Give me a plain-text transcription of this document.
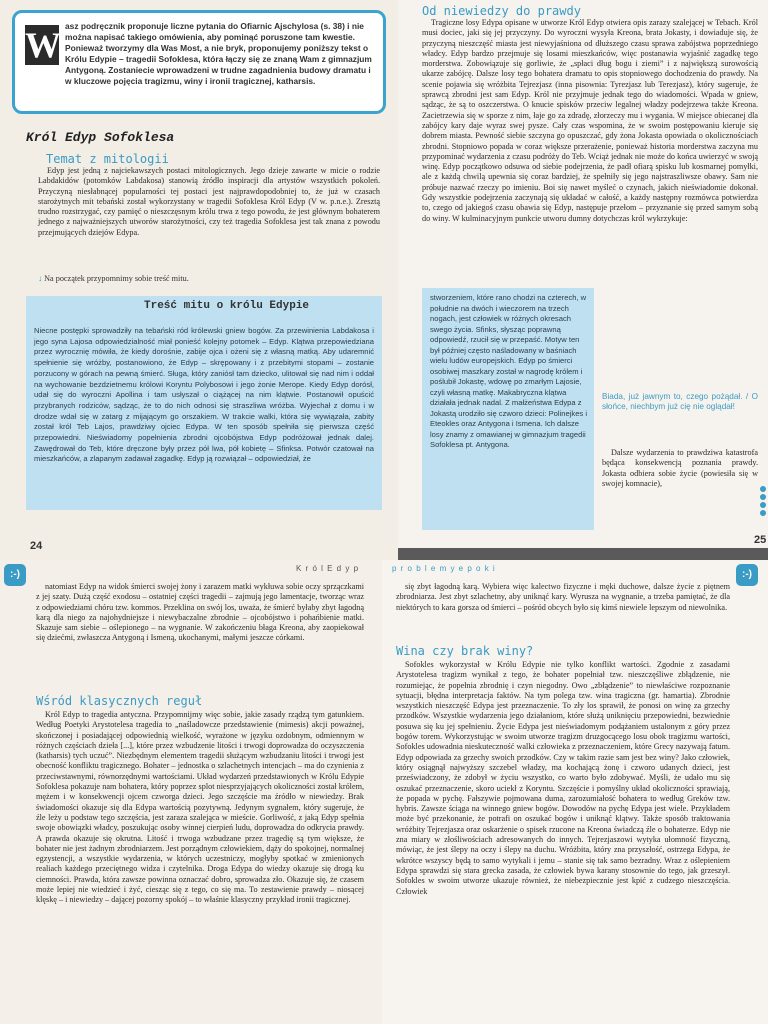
W asz podręcznik proponuje liczne pytania do Ofiarnic Ajschylosa (s. 38) i nie można napisać takiego omówienia, aby pominąć poruszone tam kwestie. Ponieważ tworzymy dla Was Most, a nie bryk, proponujemy poniższy tekst o Królu Edypie – tragedii Sofoklesa, która łączy się ze znaną Wam z gimnazjum Antygoną. Zostaniecie wprowadzeni w trudne zagadnienia budowy dramatu i w kluczowe pojęcia tragizmu, winy i ironii tragicznej, katharsis.
Król Edyp Sofoklesa
Temat z mitologii

Edyp jest jedną z najciekawszych postaci mitologicznych. Jego dzieje zawarte w micie o rodzie Labdakidów (potomków Labdakosa) stanowią źródło inspiracji dla artystów wszystkich pokoleń. Przyczyną niesłabnącej popularności tej postaci jest najprawdopodobniej to, że już w czasach starożytnych mit tebański został wykorzystany w tragedii Sofoklesa Król Edyp (V w. p.n.e.). Zresztą trudno rozstrzygać, czy pamięć o nieszczęsnym królu trwa z tego powodu, że jest głównym bohaterem jednego z najważniejszych utworów starożytności, czy też tragedia Sofoklesa jest tak znana z powodu przejmujących dziejów Edypa.

↓ Na początek przypomnimy sobie treść mitu.
Treść mitu o królu Edypie
Niecne postępki sprowadziły na tebański ród królewski gniew bogów. Za przewinienia Labdakosa i jego syna Lajosa odpowiedzialność miał ponieść kolejny potomek – Edyp. Klątwa przepowiedziana przez wyrocznię mówiła, że kiedy dorośnie, zabije ojca i ożeni się z własną matką. Aby udaremnić spełnienie się wróżby, postanowiono, że Edyp – skrępowany i z przebitymi stopami – zostanie porzucony w górach na pewną śmierć. Sługa, który zaniósł tam dziecko, ulitował się nad nim i oddał na wychowanie bezdzietnemu królowi Koryntu Polybosowi i jego żonie Merope. Kiedy Edyp dorósł, udał się do wyroczni Apollina i tam usłyszał o ciążącej na nim klątwie. Postanowił opuścić przybranych rodziców, sądząc, że to do nich odnosi się straszliwa wróżba. Wyjechał z domu i w drodze wdał się w zatarg z mijającym go orszakiem. W trakcie walki, która się wywiązała, zabity został król Teb Lajos, prawdziwy ojciec Edypa. W ten sposób spełniła się pierwsza część przepowiedni. Nieświadomy popełnienia zbrodni ojcobójstwa Edyp podróżował jednak dalej. Zawędrował do Teb, które dręczone były przez pół lwa, pół kobietę – Sfinksa. Potwór czatował na mieszkańców, a zlapanym zadawał zagadkę. Edyp ją rozwiązał – odpowiedział, że
24
Od niewiedzy do prawdy

Tragiczne losy Edypa opisane w utworze Król Edyp otwiera opis zarazy szalejącej w Tebach. Król musi dociec, jaki się jej przyczyny. Do wyroczni wysyła Kreona, brata Jokasty, i dowiaduje się, że przyczyną nieszczęść miasta jest niewyjaśniona od dłuższego czasu sprawa zabójstwa poprzedniego władcy. Edyp bardzo przejmuje się losami mieszkańców, więc postanawia wyjaśnić zagadkę tego morderstwa. Zobowiązuje się gorliwie, że „spłaci dług bogu i ziemi” i z największą surowością ukarze zabójcę. Dalsze losy tego bohatera dramatu to opis stopniowego dochodzenia do prawdy. Na scenie pojawia się wróżbita Tejrezjasz (inna pisownia: Tyrezjasz lub Terezjasz), który sugeruje, że sprawcą zbrodni jest sam Edyp. Król nie przyjmuje jednak tego do wiadomości. Wpada w gniew, sądząc, że są to oszczerstwa. O knucie spisków przeciw legalnej władzy podejrzewa także Kreona. Zacietrzewia się w sporze z nim, łaje go za zdradę, złorzeczy mu i wygania. W miejsce obiecanej dla zabójcy kary daje wyraz swej pysze. Cały czas wspomina, że w swoim postępowaniu kieruje się dobrem miasta. Pewność siebie szczyna go opuszczać, gdy żona Jokasta opowiada o okolicznościach zbrodni. Stopniowo popada w coraz większe przerażenie, ponieważ historia morderstwa zaczyna mu przypominać wydarzenia z czasu podróży do Teb. Wciąż jednak nie może do końca uwierzyć w swoją winę. Edyp początkowo odsuwa od siebie podejrzenia, że padł ofiarą spisku lub kosmarnej pomyłki, ale z każdą chwilą upewnia się coraz bardziej, że spełniły się jego najstraszliwsze obawy. Sam nie próbuje nazwać rzeczy po imieniu. Boi się nawet myśleć o czynach, jakich nieświadomie dokonał. Gdy wszystkie podejrzenia zaczynają się układać w całość, a każdy następny rozmówca potwierdza to, czego od jakiegoś czasu obawia się Edyp, następuje przełom – przyznanie się przed samym sobą do winy. W kulminacyjnym punkcie utworu dumny dotychczas król wykrzykuje:

stworzeniem, które rano chodzi na czterech, w południe na dwóch i wieczorem na trzech nogach, jest człowiek w różnych okresach swego życia. Sfinks, słysząc poprawną odpowiedź, rzucił się w przepaść. Motyw ten był później często naśladowany w baśniach wielu ludów europejskich. Edyp po śmierci osobiwej maszkary został w nagrodę królem i poślubił Jokastę, wdowę po zmarłym Lajosie, czyli własną matkę. Makabryczna klątwa działała jednak nadal. Z małżeństwa Edypa z Jokastą urodziło się czworo dzieci: Polinejkes i Eteokles oraz Antygona i Ismena. Ich dalsze losy znamy z omawianej w gimnazjum tragedii Sofoklesa pt. Antygona.
Biada, już jawnym to, czego pożądał. / O słońce, niechbym już cię nie oglądał!

Dalsze wydarzenia to prawdziwa katastrofa będąca konsekwencją poznania prawdy. Jokasta odbiera sobie życie (powiesiła się w swojej komnacie),

25
:-)
K r ó l E d y p

natomiast Edyp na widok śmierci swojej żony i zarazem matki wykłuwa sobie oczy sprzączkami z jej szaty. Dużą część exodosu – ostatniej części tragedii – zajmują jego lamentacje, tworząc wraz z odpowiedziami chóru tzw. kommos. Przeklina on swój los, uważa, że śmierć byłaby zbyt łagodną karą dla niego za najohydniejsze i niewybaczalne zbrodnie – ojcobójstwo i pohańbienie matki. Skazuje sam siebie – oślepionego – na wygnanie. W zakończeniu błaga Kreona, aby zaopiekował się dziećmi, zwłaszcza Antygoną i Ismeną, ukochanymi, małymi jeszcze córkami.

Wśród klasycznych reguł

Król Edyp to tragedia antyczna. Przypomnijmy więc sobie, jakie zasady rządzą tym gatunkiem. Według Poetyki Arystotelesa tragedia to „naśladowcze przedstawienie (mimesis) akcji poważnej, skończonej i posiadającej odpowiednią wielkość, wyrażone w języku ozdobnym, odmiennym w różnych częściach dzieła [...], które przez wzbudzenie litości i trwogi doprowadza do oczyszczenia (katharsis) tych uczuć”. Niezbędnym elementem tragedii służącym wzbudzaniu litości i trwogi jest obecność konfliktu tragicznego. Bohater – jednostka o szlachetnych intencjach – ma do czynienia z przeciwstawnymi, równorzędnymi wartościami. Układ wydarzeń przedstawionych w Królu Edypie Sofoklesa pokazuje nam bohatera, który poprzez splot niesprzyjających okoliczności został królem, mężem i w konsekwencji ojcem czworga dzieci. Jego szczęście ma źródło w niewiedzy. Brak świadomości okazuje się dla Edypa wartością pozytywną. Jedynym sygnałem, który sugeruje, że źle leży u podstaw tego szczęścia, jest zaraza szalejąca w mieście. Gorliwość, z jaką Edyp spełnia swoje obowiązki władcy, poszukując osoby winnej cierpień ludu, doprowadza do odkrycia prawdy. A prawda okazuje się okrutna. Litość i trwoga wzbudzane przez tragedię są tym większe, że bohater nie jest żadnym zbrodniarzem. Jest porządnym człowiekiem, dąży do spokojnej, normalnej egzystencji, a wszystkie wydarzenia, w których uczestniczy, mogłyby spotkać w zmienionych realiach każdego przeciętnego widza i czytelnika. Droga Edypa do wiedzy okazuje się drogą ku ciemności. Prawda, która zawsze powinna oznaczać dobro, sprowadza zło. Okazuje się, że czasem może lepiej nie wiedzieć i żyć, ciesząc się z tego, co się ma. To zestawienie prawdy – niosącej klęskę – i niewiedzy – dającej pozorny spokój – to właśnie klasyczny przykład ironii tragicznej.

p r o b l e m y e p o k i
:-)

się zbyt łagodną karą. Wybiera więc kalectwo fizyczne i męki duchowe, dalsze życie z piętnem zbrodniarza. Jest zbyt szlachetny, aby uniknąć kary. Wyrusza na wygnanie, a trzeba pamiętać, że dla niektórych to kara gorsza od śmierci – pośród obcych było się kimś niewiele lepszym od niewolnika.

Wina czy brak winy?

Sofokles wykorzystał w Królu Edypie nie tylko konflikt wartości. Zgodnie z zasadami Arystotelesa tragizm wynikał z tego, że bohater popełniał tzw. nieszczęśliwe zbłądzenie, nie rozumiejąc, że popełnia zbrodnię i czyn niegodny. Owo „zbłądzenie” to niewłaściwe rozpoznanie sytuacji, błędna interpretacja faktów. Na tym polega tzw. wina tragiczna (gr. hamartia). Zbrodnie wszystkich nieszczęść Edypa jest przeznaczenie. To zły los sprawił, że ponosi on winę za grzechy przodków. Wszystkie wydarzenia jego działaniom, które służą uniknięciu przepowiedni, bezwiednie posuwa się ku jej spełnieniu. Życie Edypa jest nieświadomym podążaniem ustalonym z góry przez bogów torem. Wykorzystując w swoim utworze tragizm druzgocącego losu obok tragizmu wartości, Sofokles udowadnia nieskuteczność walki człowieka z przeznaczeniem, które Grecy nazywają fatum. Edyp odpowiada za grzechy swoich przodków. Czy w takim razie sam jest bez winy? Jako człowiek, który osiągnął najwyższy szczebel władzy, ma kochającą żonę i czworo udanych dzieci, jest przeświadczony, że zdobył w życiu wszystko, co warto było zdobywać. Myśli, że udało mu się oszukać przeznaczenie, skoro uciekł z Koryntu. Szczęście i pomyślny układ okoliczności sprawiają, że popada w pychę. Fałszywie pojmowana duma, zarozumiałość bohatera to według Greków tzw. hybris. Zawsze ściąga na winnego gniew bogów. Dowodów na pychę Edypa jest wiele. Przykładem może być przekonanie, że potrafi on oszukać bogów i uniknąć klątwy. Także sposób traktowania wróżbity Tejrezjasza oraz oskarżenie o spisek rzucone na Kreona świadczą źle o bohaterze. Edyp nie zna miary w złośliwościach adresowanych do innych. Tejrezjaszowi wytyka ułomność fizyczną, mówiąc, że jest ślepy na oczy i ślepy na duchu. Wróżbita, który zna przyszłość, ostrzega Edypa, że wkrótce wszyscy będą to samo wytykali i jemu – stanie się tak samo bezradny. Wraz z oślepieniem Edypa sprawdzi się stara grecka zasada, że człowiek bywa karany stosownie do tego, jak grzeszył. Sofokles w swoim utworze ukazuje również, że niebezpiecznie jest kpić z cudzego nieszczęścia. Człowiek
